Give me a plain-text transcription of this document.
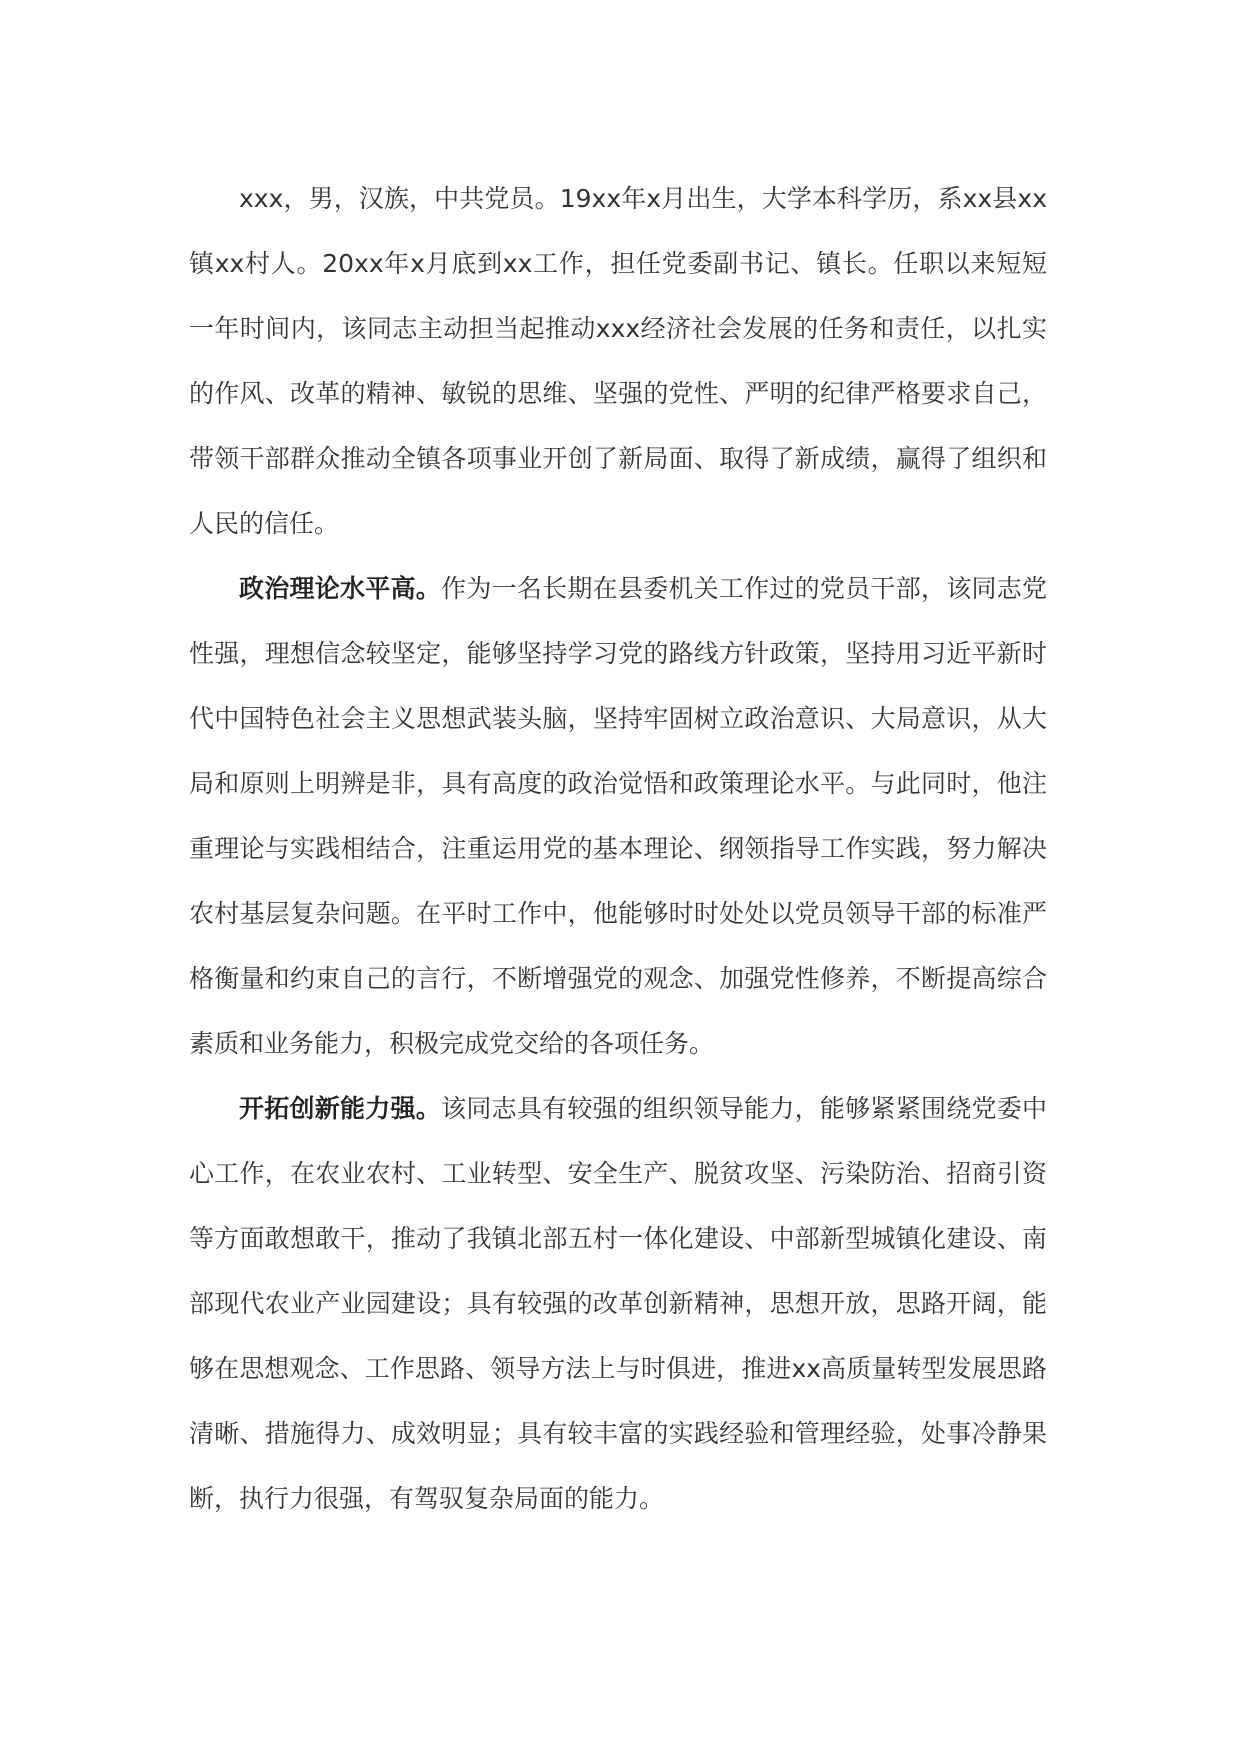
xxx，男，汉族，中共党员。19xx年x月出生，大学本科学历，系xx县xx镇xx村人。20xx年x月底到xx工作，担任党委副书记、镇长。任职以来短短一年时间内，该同志主动担当起推动xxx经济社会发展的任务和责任，以扎实的作风、改革的精神、敏锐的思维、坚强的党性、严明的纪律严格要求自己，带领干部群众推动全镇各项事业开创了新局面、取得了新成绩，赢得了组织和人民的信任。

政治理论水平高。作为一名长期在县委机关工作过的党员干部，该同志党性强，理想信念较坚定，能够坚持学习党的路线方针政策，坚持用习近平新时代中国特色社会主义思想武装头脑，坚持牢固树立政治意识、大局意识，从大局和原则上明辨是非，具有高度的政治觉悟和政策理论水平。与此同时，他注重理论与实践相结合，注重运用党的基本理论、纲领指导工作实践，努力解决农村基层复杂问题。在平时工作中，他能够时时处处以党员领导干部的标准严格衡量和约束自己的言行，不断增强党的观念、加强党性修养，不断提高综合素质和业务能力，积极完成党交给的各项任务。

开拓创新能力强。该同志具有较强的组织领导能力，能够紧紧围绕党委中心工作，在农业农村、工业转型、安全生产、脱贫攻坚、污染防治、招商引资等方面敢想敢干，推动了我镇北部五村一体化建设、中部新型城镇化建设、南部现代农业产业园建设；具有较强的改革创新精神，思想开放，思路开阔，能够在思想观念、工作思路、领导方法上与时俱进，推进xx高质量转型发展思路清晰、措施得力、成效明显；具有较丰富的实践经验和管理经验，处事冷静果断，执行力很强，有驾驭复杂局面的能力。
